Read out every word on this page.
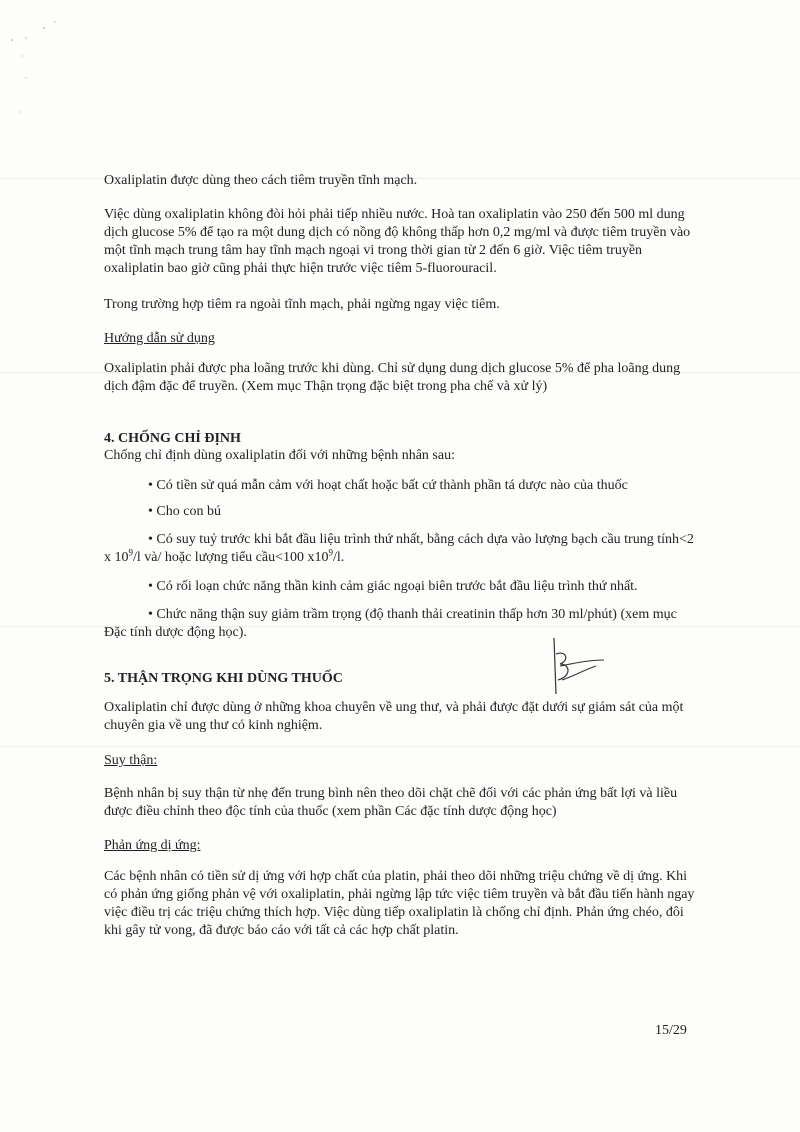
Oxaliplatin được dùng theo cách tiêm truyền tĩnh mạch.

Việc dùng oxaliplatin không đòi hỏi phải tiếp nhiều nước. Hoà tan oxaliplatin vào 250 đến 500 ml dung dịch glucose 5% để tạo ra một dung dịch có nồng độ không thấp hơn 0,2 mg/ml và được tiêm truyền vào một tĩnh mạch trung tâm hay tĩnh mạch ngoại vi trong thời gian từ 2 đến 6 giờ. Việc tiêm truyền oxaliplatin bao giờ cũng phải thực hiện trước việc tiêm 5-fluorouracil.

Trong trường hợp tiêm ra ngoài tĩnh mạch, phải ngừng ngay việc tiêm.

Hướng dẫn sử dụng

Oxaliplatin phải được pha loãng trước khi dùng. Chỉ sử dụng dung dịch glucose 5% để pha loãng dung dịch đậm đặc để truyền. (Xem mục Thận trọng đặc biệt trong pha chế và xử lý)

4. CHỐNG CHỈ ĐỊNH

Chống chỉ định dùng oxaliplatin đối với những bệnh nhân sau:

• Có tiền sử quá mẫn cảm với hoạt chất hoặc bất cứ thành phần tá dược nào của thuốc

• Cho con bú

• Có suy tuỷ trước khi bắt đầu liệu trình thứ nhất, bằng cách dựa vào lượng bạch cầu trung tính<2 x $10^9/l$ và/ hoặc lượng tiểu cầu<100 $x10^9/l$.

• Có rối loạn chức năng thần kinh cảm giác ngoại biên trước bắt đầu liệu trình thứ nhất.

• Chức năng thận suy giảm trầm trọng (độ thanh thải creatinin thấp hơn 30 ml/phút) (xem mục Đặc tính dược động học).

5. THẬN TRỌNG KHI DÙNG THUỐC

Oxaliplatin chỉ được dùng ở những khoa chuyên về ung thư, và phải được đặt dưới sự giám sát của một chuyên gia về ung thư có kinh nghiệm.

Suy thận:

Bệnh nhân bị suy thận từ nhẹ đến trung bình nên theo dõi chặt chẽ đối với các phản ứng bất lợi và liều được điều chỉnh theo độc tính của thuốc (xem phần Các đặc tính dược động học)

Phản ứng dị ứng:

Các bệnh nhân có tiền sử dị ứng với hợp chất của platin, phải theo dõi những triệu chứng về dị ứng. Khi có phản ứng giống phản vệ với oxaliplatin, phải ngừng lập tức việc tiêm truyền và bắt đầu tiến hành ngay việc điều trị các triệu chứng thích hợp. Việc dùng tiếp oxaliplatin là chống chỉ định. Phản ứng chéo, đôi khi gây tử vong, đã được báo cáo với tất cả các hợp chất platin.

15/29
